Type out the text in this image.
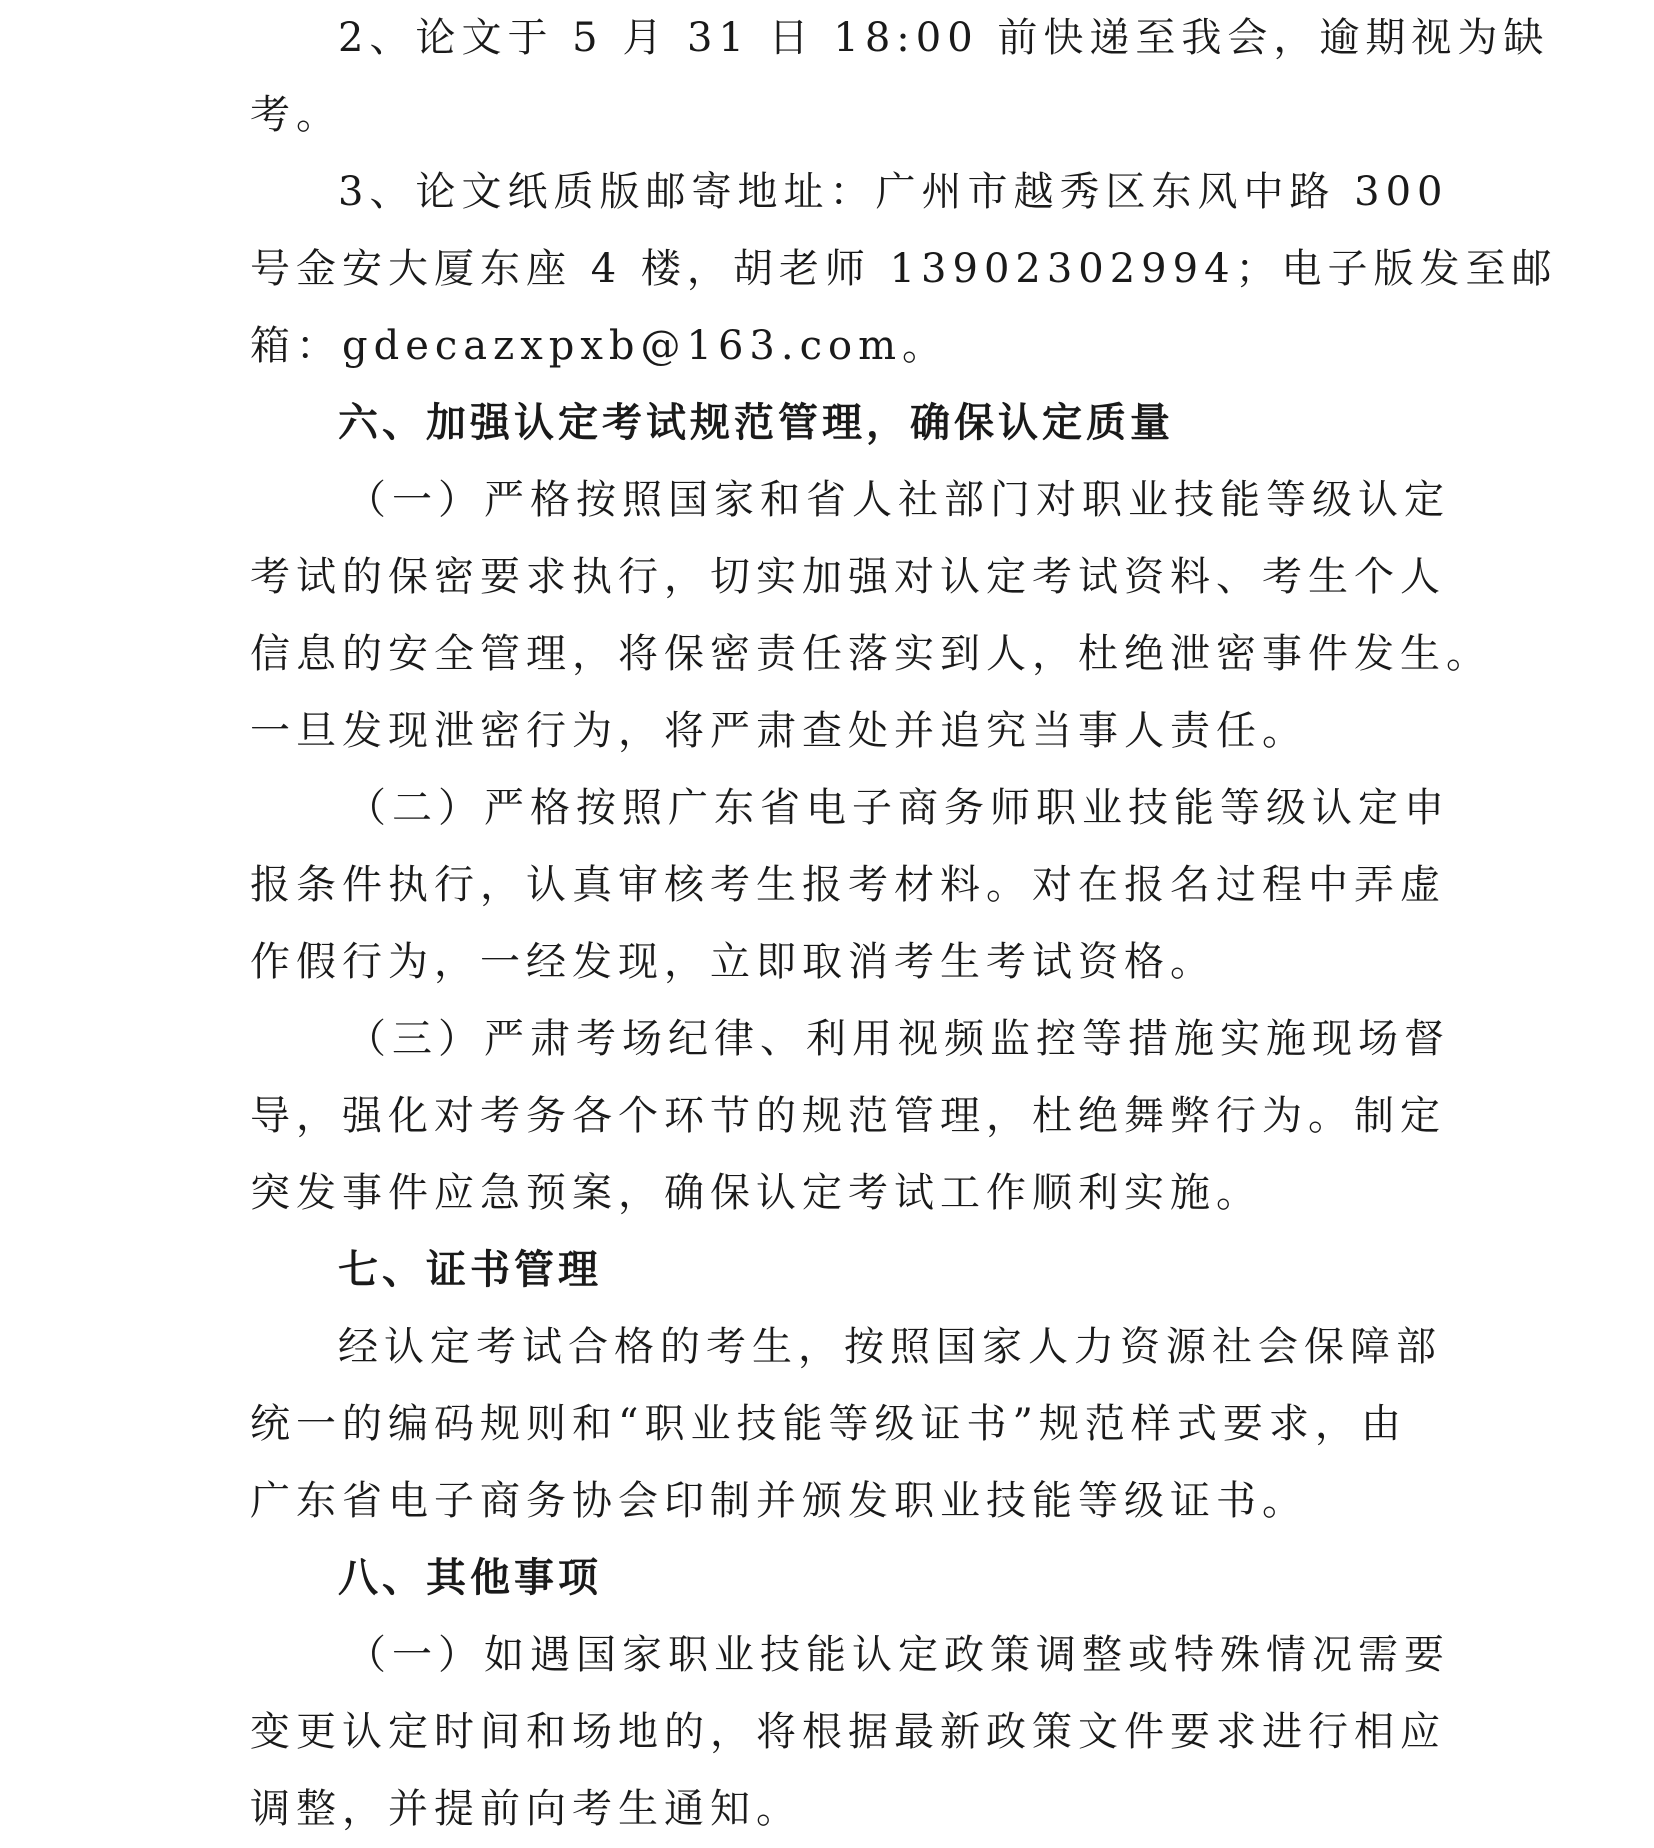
2、论文于 5 月 31 日 18:00 前快递至我会，逾期视为缺
考。
3、论文纸质版邮寄地址：广州市越秀区东风中路 300
号金安大厦东座 4 楼，胡老师 13902302994；电子版发至邮
箱：gdecazxpxb@163.com。
六、加强认定考试规范管理，确保认定质量
（一）严格按照国家和省人社部门对职业技能等级认定
考试的保密要求执行，切实加强对认定考试资料、考生个人
信息的安全管理，将保密责任落实到人，杜绝泄密事件发生。
一旦发现泄密行为，将严肃查处并追究当事人责任。
（二）严格按照广东省电子商务师职业技能等级认定申
报条件执行，认真审核考生报考材料。对在报名过程中弄虚
作假行为，一经发现，立即取消考生考试资格。
（三）严肃考场纪律、利用视频监控等措施实施现场督
导，强化对考务各个环节的规范管理，杜绝舞弊行为。制定
突发事件应急预案，确保认定考试工作顺利实施。
七、证书管理
经认定考试合格的考生，按照国家人力资源社会保障部
统一的编码规则和“职业技能等级证书”规范样式要求，由
广东省电子商务协会印制并颁发职业技能等级证书。
八、其他事项
（一）如遇国家职业技能认定政策调整或特殊情况需要
变更认定时间和场地的，将根据最新政策文件要求进行相应
调整，并提前向考生通知。
